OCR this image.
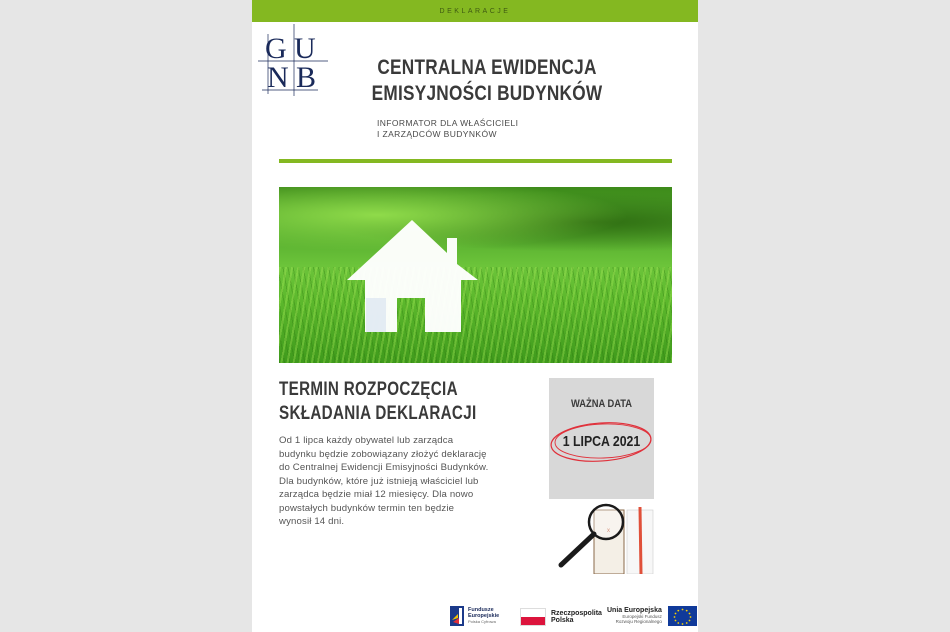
DEKLARACJE
G U
N B	CENTRALNA EWIDENCJA
EMISYJNOŚCI BUDYNKÓW
INFORMATOR DLA WŁAŚCICIELI
I ZARZĄDCÓW BUDYNKÓW
TERMIN ROZPOCZĘCIA
SKŁADANIA DEKLARACJI
Od 1 lipca każdy obywatel lub zarządca
budynku będzie zobowiązany złożyć deklarację
do Centralnej Ewidencji Emisyjności Budynków.
Dla budynków, które już istnieją właściciel lub
zarządca będzie miał 12 miesięcy. Dla nowo
powstałych budynków termin ten będzie
wynosił 14 dni.
WAŻNA DATA
1 LIPCA 2021
Fundusze
Europejskie
Polska Cyfrowa
Rzeczpospolita
Polska
Unia Europejska
Europejski Fundusz
Rozwoju Regionalnego
